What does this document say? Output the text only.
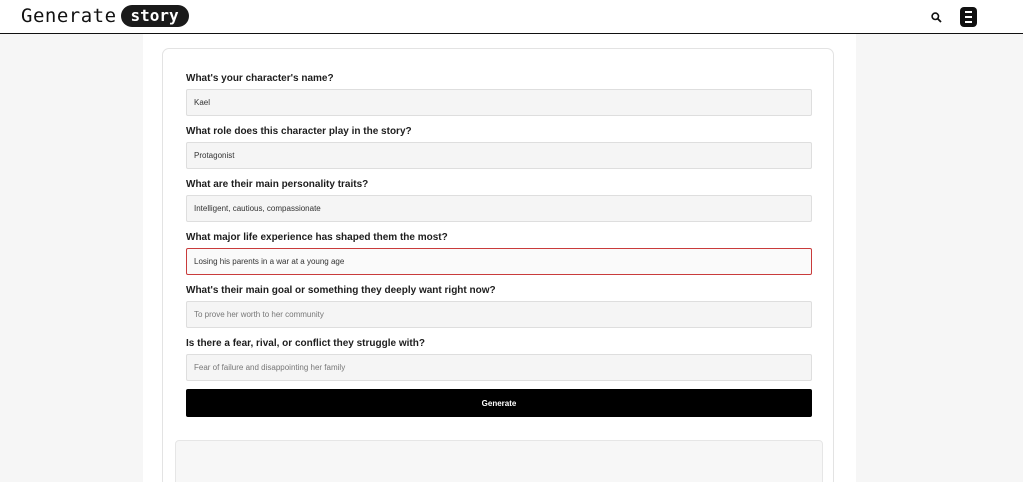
Generate story
What's your character's name?
Kael
What role does this character play in the story?
Protagonist
What are their main personality traits?
Intelligent, cautious, compassionate
What major life experience has shaped them the most?
Losing his parents in a war at a young age
What's their main goal or something they deeply want right now?
To prove her worth to her community
Is there a fear, rival, or conflict they struggle with?
Fear of failure and disappointing her family
Generate
